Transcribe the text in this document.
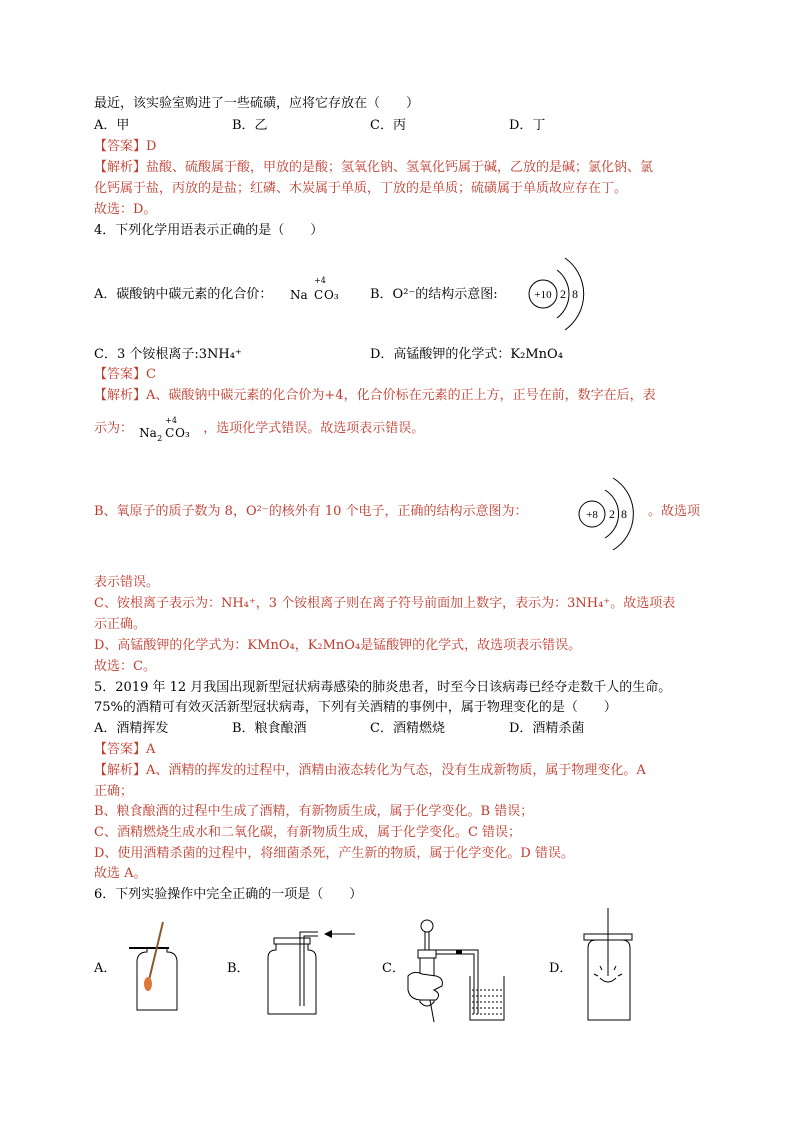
最近，该实验室购进了一些硫磺，应将它存放在（　　）
A．甲	B．乙	C．丙	D．丁
【答案】D
【解析】盐酸、硫酸属于酸，甲放的是酸；氢氧化钠、氢氧化钙属于碱，乙放的是碱；氯化钠、氯
化钙属于盐，丙放的是盐；红磷、木炭属于单质，丁放的是单质；硫磺属于单质故应存在丁。
故选：D。
4．下列化学用语表示正确的是（　　）
A．碳酸钠中碳元素的化合价： Na C
+4
O₃ B．O²⁻的结构示意图:	+10 2 8
C．3 个铵根离子:3NH₄⁺	D．高锰酸钾的化学式：K₂MnO₄
【答案】C
【解析】A、碳酸钠中碳元素的化合价为+4，化合价标在元素的正上方，正号在前，数字在后，表
示为： Na 2 C
+4
O₃ ，选项化学式错误。故选项表示错误。
B、氧原子的质子数为 8，O²⁻的核外有 10 个电子，正确的结构示意图为：	+8 2 8 。故选项
表示错误。
C、铵根离子表示为：NH₄⁺，3 个铵根离子则在离子符号前面加上数字，表示为：3NH₄⁺。故选项表
示正确。
D、高锰酸钾的化学式为：KMnO₄，K₂MnO₄是锰酸钾的化学式，故选项表示错误。
故选：C。
5．2019 年 12 月我国出现新型冠状病毒感染的肺炎患者，时至今日该病毒已经夺走数千人的生命。
75%的酒精可有效灭活新型冠状病毒，下列有关酒精的事例中，属于物理变化的是（　　）
A．酒精挥发	B．粮食酿酒	C．酒精燃烧	D．酒精杀菌
【答案】A
【解析】A、酒精的挥发的过程中，酒精由液态转化为气态，没有生成新物质，属于物理变化。A
正确；
B、粮食酿酒的过程中生成了酒精，有新物质生成，属于化学变化。B 错误；
C、酒精燃烧生成水和二氧化碳，有新物质生成，属于化学变化。C 错误；
D、使用酒精杀菌的过程中，将细菌杀死，产生新的物质，属于化学变化。D 错误。
故选 A。
6．下列实验操作中完全正确的一项是（　　）
A．	B．	C．	D．
